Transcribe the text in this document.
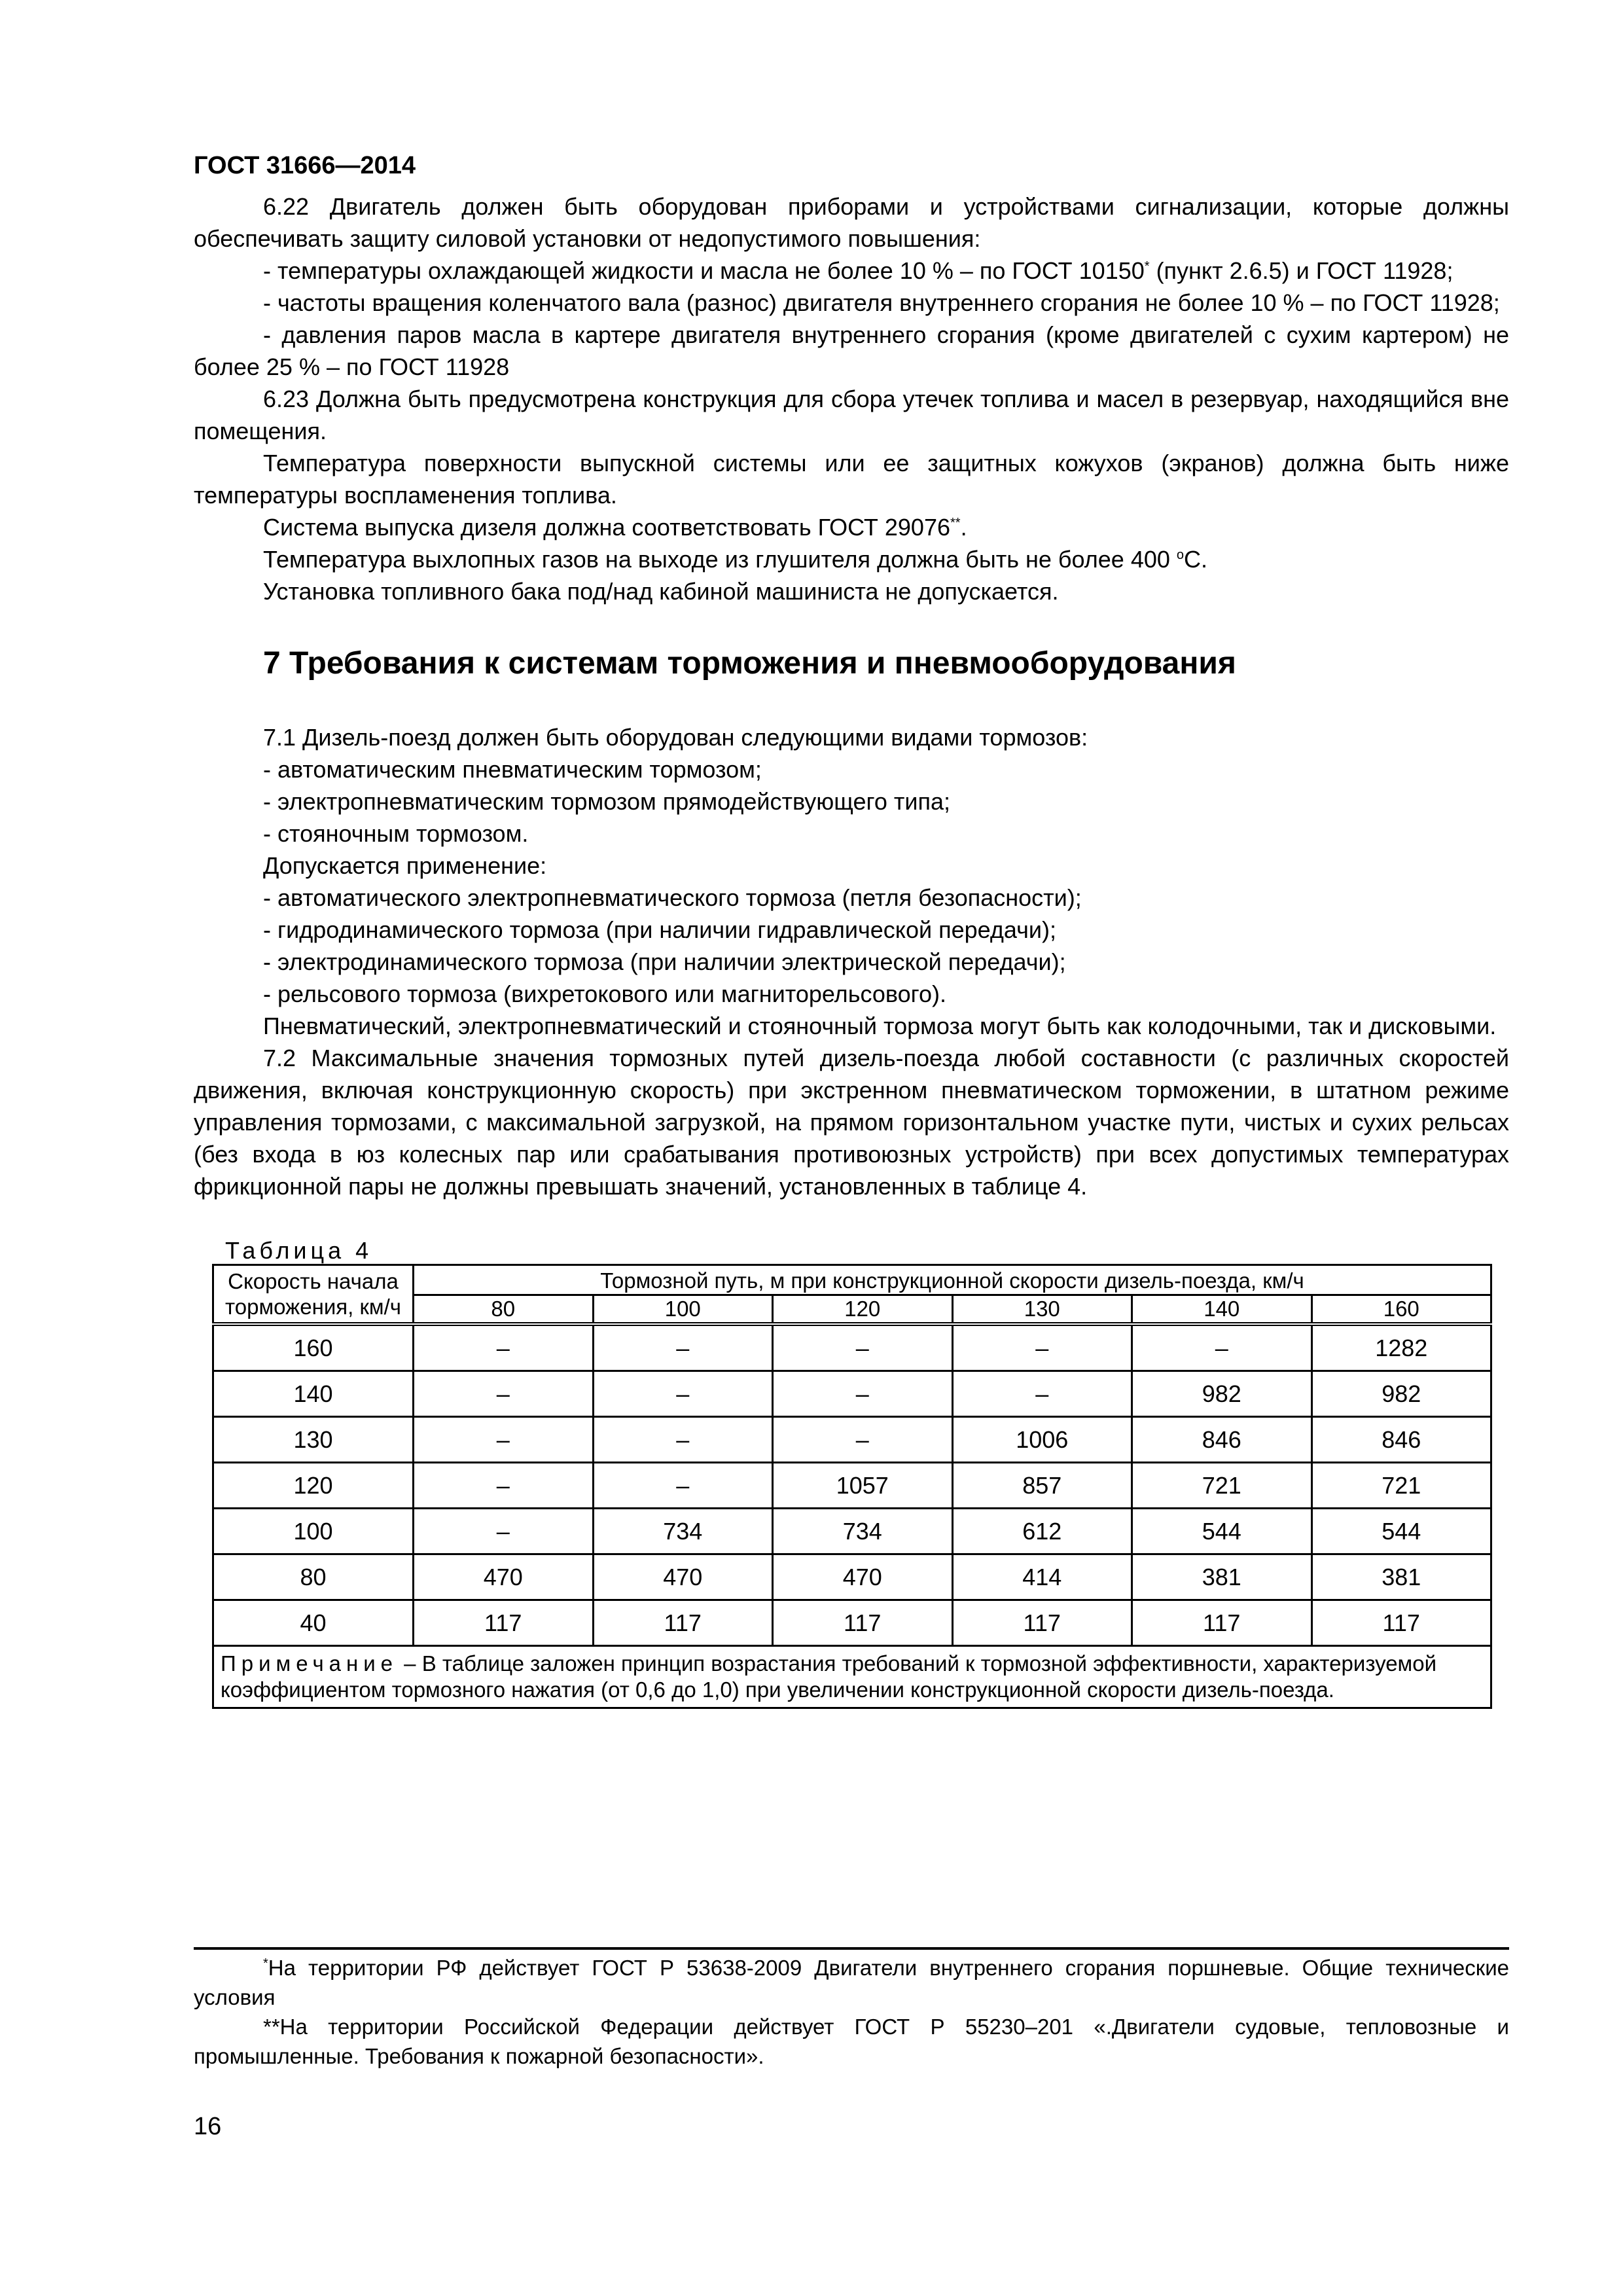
ГОСТ 31666—2014

6.22 Двигатель должен быть оборудован приборами и устройствами сигнализации, которые должны обеспечивать защиту силовой установки от недопустимого повышения:

- температуры охлаждающей жидкости и масла не более 10 % – по ГОСТ 10150* (пункт 2.6.5) и ГОСТ 11928;

- частоты вращения коленчатого вала (разнос) двигателя внутреннего сгорания не более 10 % – по ГОСТ 11928;

- давления паров масла в картере двигателя внутреннего сгорания (кроме двигателей с сухим картером) не более 25 % – по ГОСТ 11928

6.23 Должна быть предусмотрена конструкция для сбора утечек топлива и масел в резервуар, находящийся вне помещения.

Температура поверхности выпускной системы или ее защитных кожухов (экранов) должна быть ниже температуры воспламенения топлива.

Система выпуска дизеля должна соответствовать ГОСТ 29076**.

Температура выхлопных газов на выходе из глушителя должна быть не более 400 $^o$С.

Установка топливного бака под/над кабиной машиниста не допускается.

7 Требования к системам торможения и пневмооборудования

7.1 Дизель-поезд должен быть оборудован следующими видами тормозов:

- автоматическим пневматическим тормозом;

- электропневматическим тормозом прямодействующего типа;

- стояночным тормозом.

Допускается применение:

- автоматического электропневматического тормоза (петля безопасности);

- гидродинамического тормоза (при наличии гидравлической передачи);

- электродинамического тормоза (при наличии электрической передачи);

- рельсового тормоза (вихретокового или магниторельсового).

Пневматический, электропневматический и стояночный тормоза могут быть как колодочными, так и дисковыми.

7.2 Максимальные значения тормозных путей дизель-поезда любой составности (с различных скоростей движения, включая конструкционную скорость) при экстренном пневматическом торможении, в штатном режиме управления тормозами, с максимальной загрузкой, на прямом горизонтальном участке пути, чистых и сухих рельсах (без входа в юз колесных пар или срабатывания противоюзных устройств) при всех допустимых температурах фрикционной пары не должны превышать значений, установленных в таблице 4.

Таблица 4
Скорость начала торможения, км/ч	Тормозной путь, м при конструкционной скорости дизель-поезда, км/ч					
	80	100	120	130	140	160
160	–	–	–	–	–	1282
140	–	–	–	–	982	982
130	–	–	–	1006	846	846
120	–	–	1057	857	721	721
100	–	734	734	612	544	544
80	470	470	470	414	381	381
40	117	117	117	117	117	117
Примечание – В таблице заложен принцип возрастания требований к тормозной эффективности, характеризуемой коэффициентом тормозного нажатия (от 0,6 до 1,0) при увеличении конструкционной скорости дизель-поезда.						

*На территории РФ действует ГОСТ Р 53638-2009 Двигатели внутреннего сгорания поршневые. Общие технические условия

**На территории Российской Федерации действует ГОСТ Р 55230–201 «.Двигатели судовые, тепловозные и промышленные. Требования к пожарной безопасности».

16
